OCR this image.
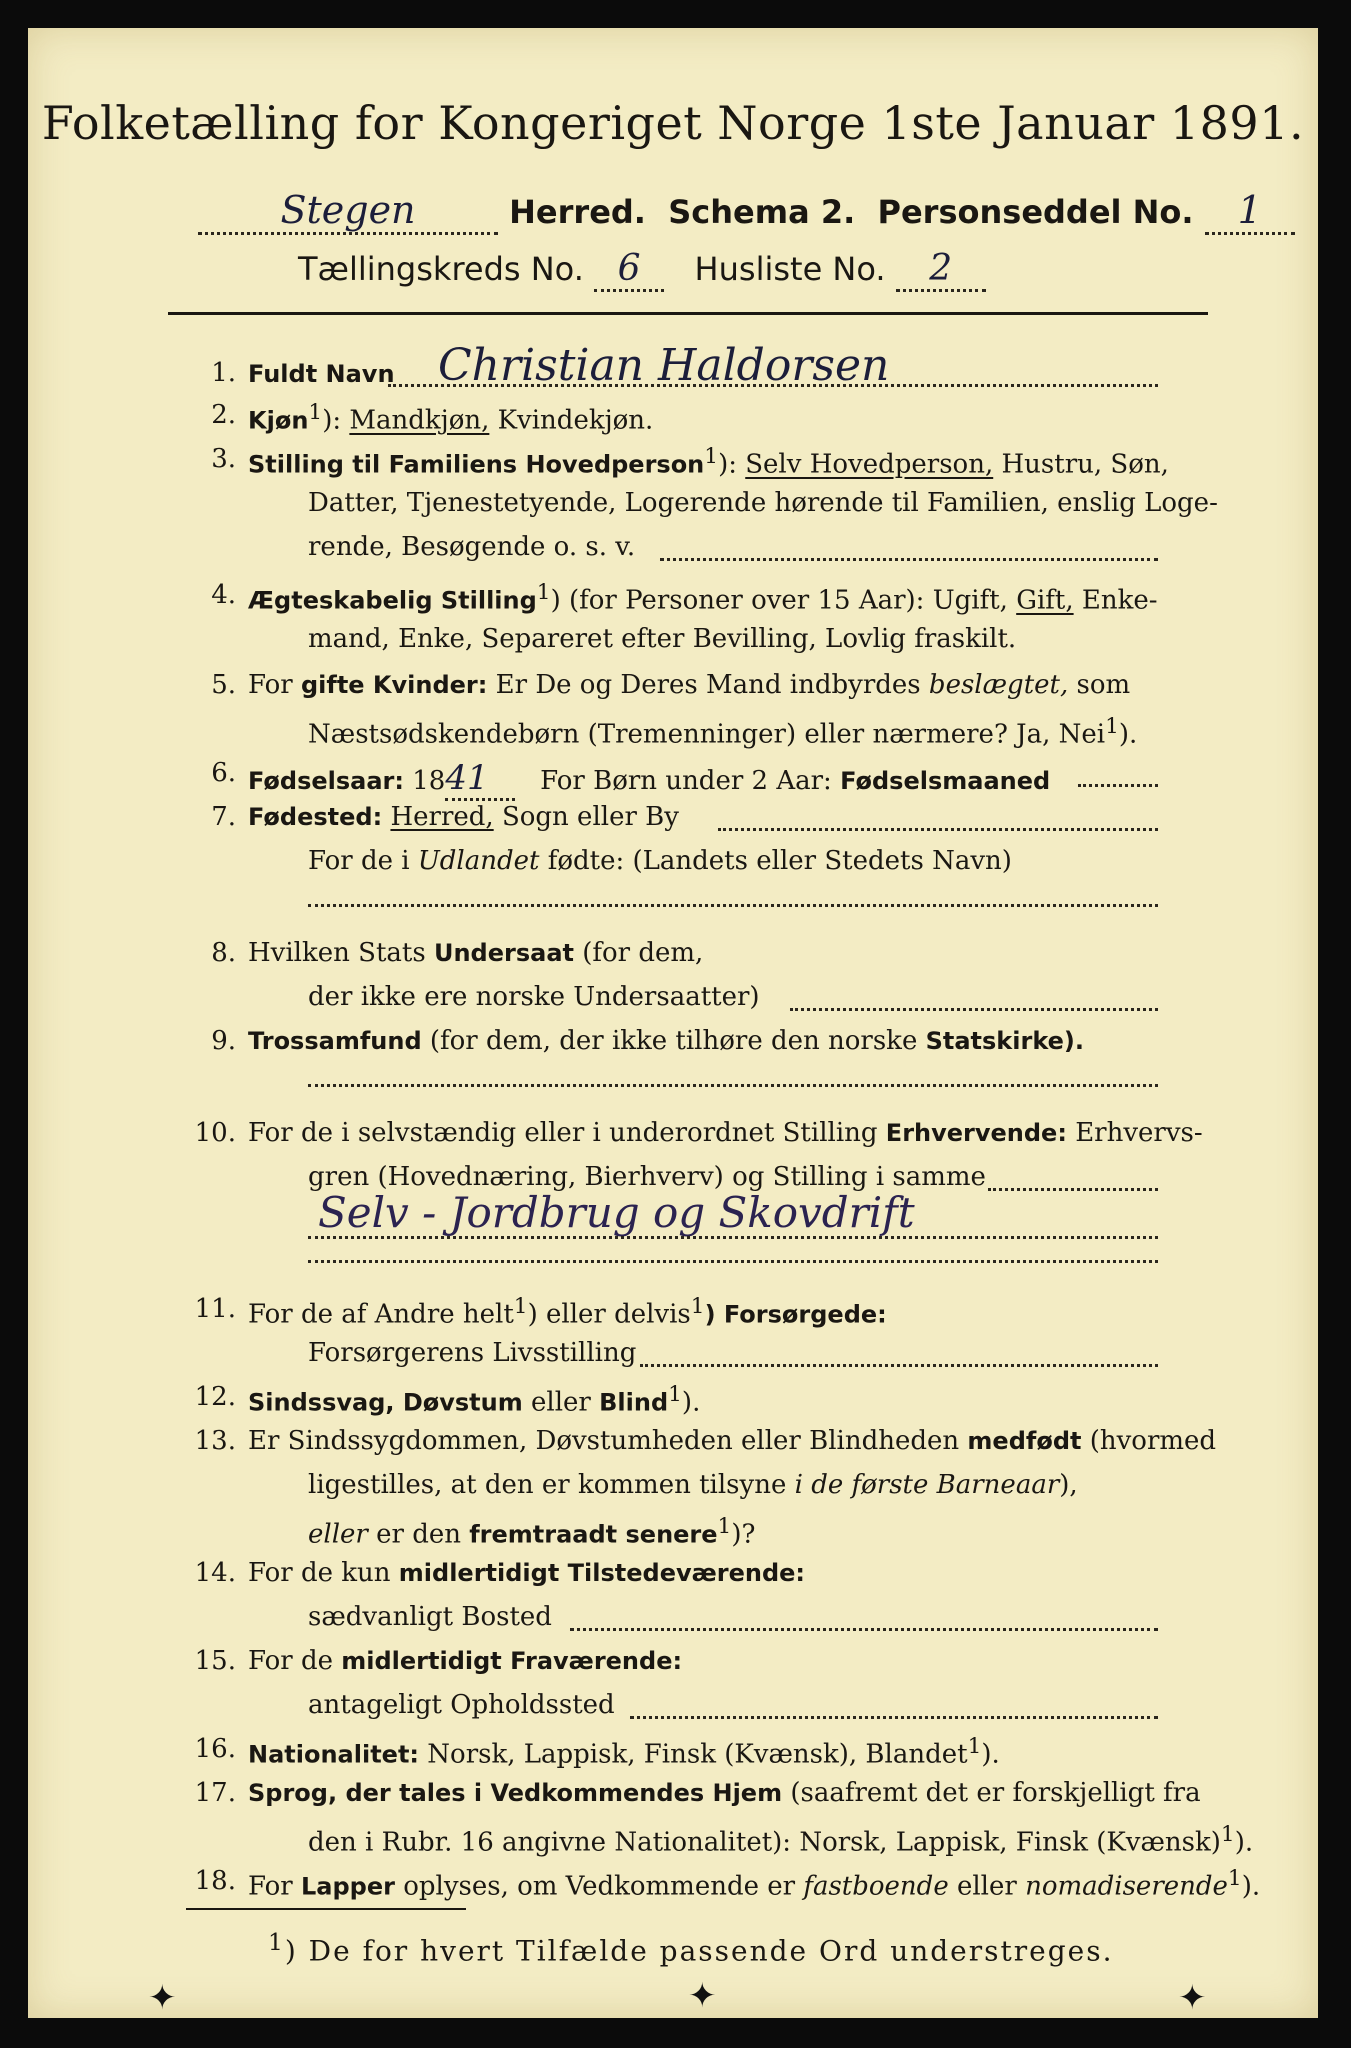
Folketælling for Kongeriget Norge 1ste Januar 1891.
Stegen	Herred. Schema 2. Personseddel No. 1
Tællingskreds No. 6 Husliste No. 2
1. Fuldt Navn Christian Haldorsen
2. Kjøn$^1$): Mandkjøn, Kvindekjøn.
3. Stilling til Familiens Hovedperson$^1$): Selv Hovedperson, Hustru, Søn,
Datter, Tjenestetyende, Logerende hørende til Familien, enslig Loge-
rende, Besøgende o. s. v.
4. Ægteskabelig Stilling$^1$) (for Personer over 15 Aar): Ugift, Gift, Enke-
mand, Enke, Separeret efter Bevilling, Lovlig fraskilt.
5. For gifte Kvinder: Er De og Deres Mand indbyrdes beslægtet, som
Næstsødskendebørn (Tremenninger) eller nærmere? Ja, Nei$^1$).
6. Fødselsaar: 1841 For Børn under 2 Aar: Fødselsmaaned
7. Fødested: Herred, Sogn eller By
For de i Udlandet fødte: (Landets eller Stedets Navn)
8. Hvilken Stats Undersaat (for dem,
der ikke ere norske Undersaatter)
9. Trossamfund (for dem, der ikke tilhøre den norske Statskirke).
10. For de i selvstændig eller i underordnet Stilling Erhvervende: Erhvervs-
gren (Hovednæring, Bierhverv) og Stilling i samme
Selv - Jordbrug og Skovdrift
11. For de af Andre helt$^1$) eller delvis$^1$) Forsørgede:
Forsørgerens Livsstilling
12. Sindssvag, Døvstum eller Blind$^1$).
13. Er Sindssygdommen, Døvstumheden eller Blindheden medfødt (hvormed
ligestilles, at den er kommen tilsyne i de første Barneaar),
eller er den fremtraadt senere$^1$)?
14. For de kun midlertidigt Tilstedeværende:
sædvanligt Bosted
15. For de midlertidigt Fraværende:
antageligt Opholdssted
16. Nationalitet: Norsk, Lappisk, Finsk (Kvænsk), Blandet$^1$).
17. Sprog, der tales i Vedkommendes Hjem (saafremt det er forskjelligt fra
den i Rubr. 16 angivne Nationalitet): Norsk, Lappisk, Finsk (Kvænsk)$^1$).
18. For Lapper oplyses, om Vedkommende er fastboende eller nomadiserende$^1$).
$^1$) De for hvert Tilfælde passende Ord understreges.
✦	✦	✦
